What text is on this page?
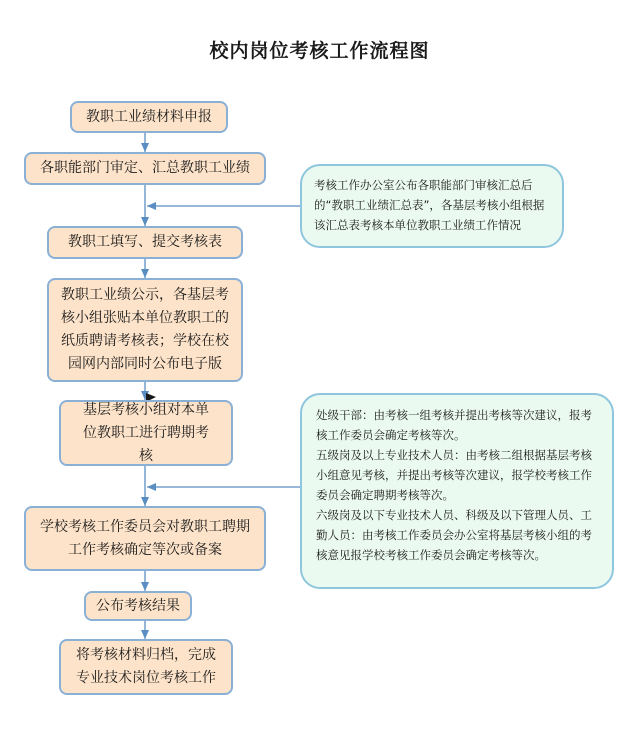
校内岗位考核工作流程图
教职工业绩材料申报
各职能部门审定、汇总教职工业绩
教职工填写、提交考核表
教职工业绩公示，各基层考核小组张贴本单位教职工的纸质聘请考核表；学校在校园网内部同时公布电子版
基层考核小组对本单位教职工进行聘期考核
学校考核工作委员会对教职工聘期工作考核确定等次或备案
公布考核结果
将考核材料归档，完成专业技术岗位考核工作

考核工作办公室公布各职能部门审核汇总后的“教职工业绩汇总表”，各基层考核小组根据该汇总表考核本单位教职工业绩工作情况

处级干部：由考核一组考核并提出考核等次建议，报考核工作委员会确定考核等次。

五级岗及以上专业技术人员：由考核二组根据基层考核小组意见考核，并提出考核等次建议，报学校考核工作委员会确定聘期考核等次。

六级岗及以下专业技术人员、科级及以下管理人员、工勤人员：由考核工作委员会办公室将基层考核小组的考核意见报学校考核工作委员会确定考核等次。
